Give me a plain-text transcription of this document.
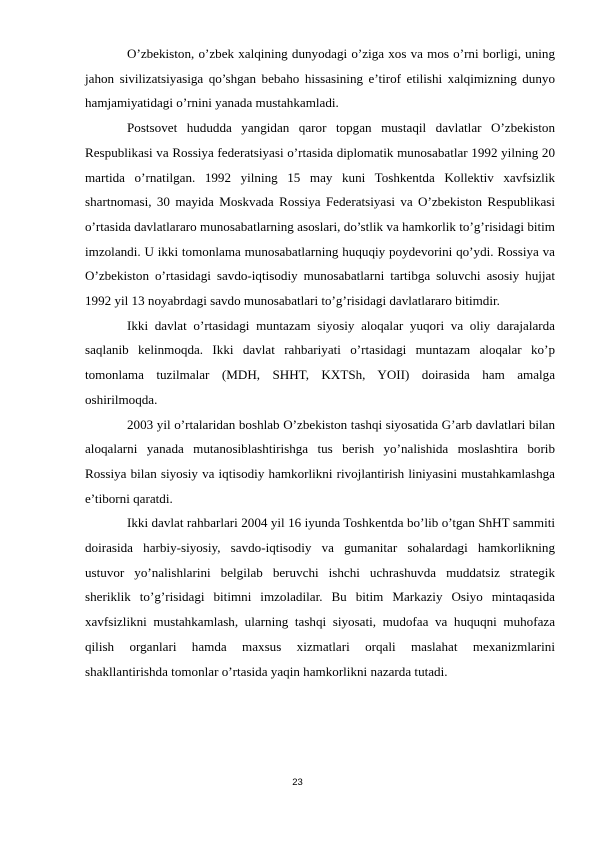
O’zbekiston, o’zbek xalqining dunyodagi o’ziga xos va mos o’rni borligi, uning jahon sivilizatsiyasiga qo’shgan bebaho hissasining e’tirof etilishi xalqimizning dunyo hamjamiyatidagi o’rnini yanada mustahkamladi.

Postsovet hududda yangidan qaror topgan mustaqil davlatlar O’zbekiston Respublikasi va Rossiya federatsiyasi o’rtasida diplomatik munosabatlar 1992 yilning 20 martida o’rnatilgan. 1992 yilning 15 may kuni Toshkentda Kollektiv xavfsizlik shartnomasi, 30 mayida Moskvada Rossiya Federatsiyasi va O’zbekiston Respublikasi o’rtasida davlatlararo munosabatlarning asoslari, do’stlik va hamkorlik to’g’risidagi bitim imzolandi. U ikki tomonlama munosabatlarning huquqiy poydevorini qo’ydi. Rossiya va O’zbekiston o’rtasidagi savdo-iqtisodiy munosabatlarni tartibga soluvchi asosiy hujjat 1992 yil 13 noyabrdagi savdo munosabatlari to’g’risidagi davlatlararo bitimdir.

Ikki davlat o’rtasidagi muntazam siyosiy aloqalar yuqori va oliy darajalarda saqlanib kelinmoqda. Ikki davlat rahbariyati o’rtasidagi muntazam aloqalar ko’p tomonlama tuzilmalar (MDH, SHHT, KXTSh, YOII) doirasida ham amalga oshirilmoqda.

2003 yil o’rtalaridan boshlab O’zbekiston tashqi siyosatida G’arb davlatlari bilan aloqalarni yanada mutanosiblashtirishga tus berish yo’nalishida moslashtira borib Rossiya bilan siyosiy va iqtisodiy hamkorlikni rivojlantirish liniyasini mustahkamlashga e’tiborni qaratdi.

Ikki davlat rahbarlari 2004 yil 16 iyunda Toshkentda bo’lib o’tgan ShHT sammiti doirasida harbiy-siyosiy, savdo-iqtisodiy va gumanitar sohalardagi hamkorlikning ustuvor yo’nalishlarini belgilab beruvchi ishchi uchrashuvda muddatsiz strategik sheriklik to’g’risidagi bitimni imzoladilar. Bu bitim Markaziy Osiyo mintaqasida xavfsizlikni mustahkamlash, ularning tashqi siyosati, mudofaa va huquqni muhofaza qilish organlari hamda maxsus xizmatlari orqali maslahat mexanizmlarini shakllantirishda tomonlar o’rtasida yaqin hamkorlikni nazarda tutadi.

23
